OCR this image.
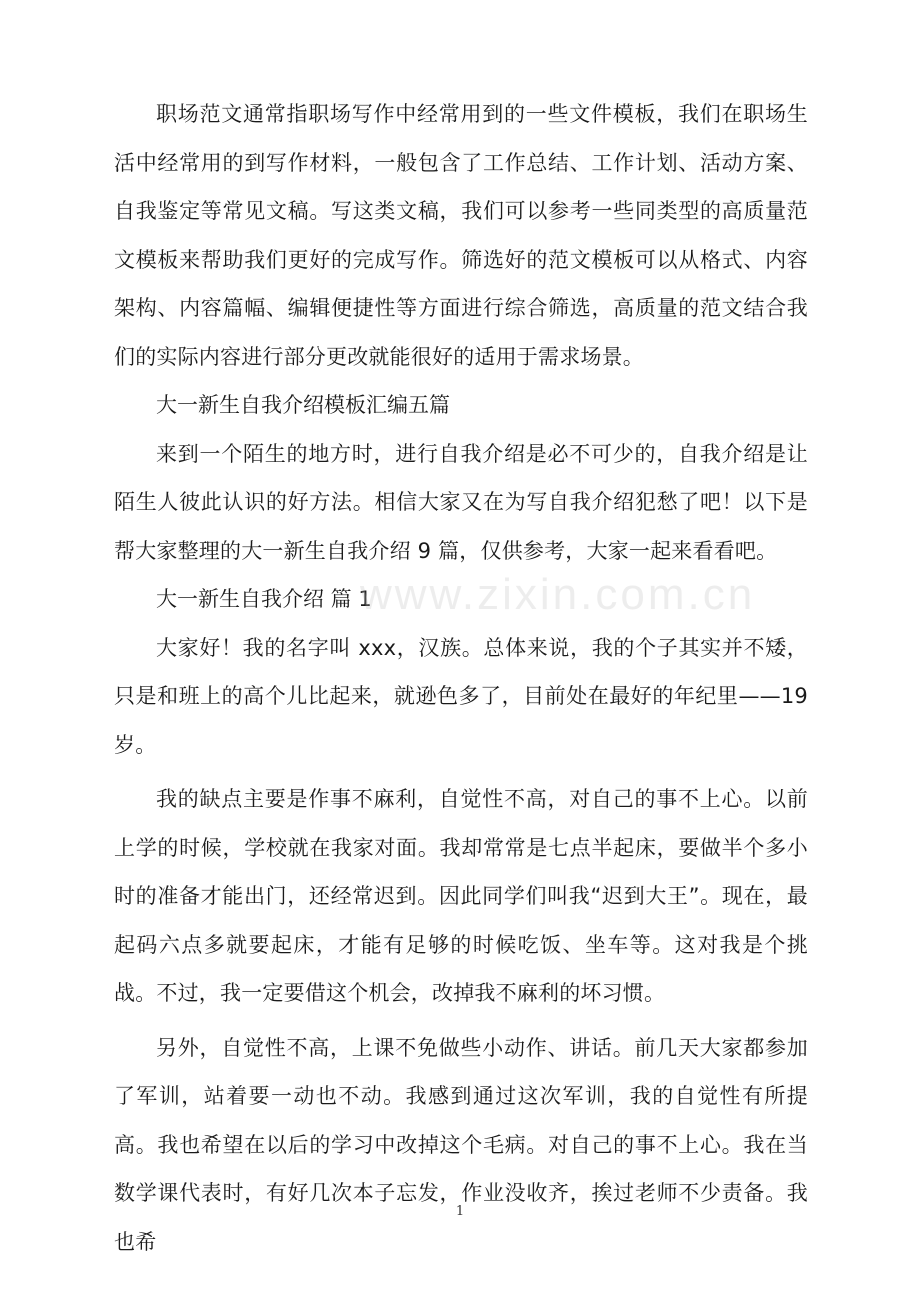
职场范文通常指职场写作中经常用到的一些文件模板，我们在职场生活中经常用的到写作材料，一般包含了工作总结、工作计划、活动方案、自我鉴定等常见文稿。写这类文稿，我们可以参考一些同类型的高质量范文模板来帮助我们更好的完成写作。筛选好的范文模板可以从格式、内容架构、内容篇幅、编辑便捷性等方面进行综合筛选，高质量的范文结合我们的实际内容进行部分更改就能很好的适用于需求场景。

大一新生自我介绍模板汇编五篇

来到一个陌生的地方时，进行自我介绍是必不可少的，自我介绍是让陌生人彼此认识的好方法。相信大家又在为写自我介绍犯愁了吧！以下是帮大家整理的大一新生自我介绍 9 篇，仅供参考，大家一起来看看吧。

大一新生自我介绍 篇 1

大家好！我的名字叫 xxx，汉族。总体来说，我的个子其实并不矮，只是和班上的高个儿比起来，就逊色多了，目前处在最好的年纪里——19 岁。

我的缺点主要是作事不麻利，自觉性不高，对自己的事不上心。以前上学的时候，学校就在我家对面。我却常常是七点半起床，要做半个多小时的准备才能出门，还经常迟到。因此同学们叫我“迟到大王”。现在，最起码六点多就要起床，才能有足够的时候吃饭、坐车等。这对我是个挑战。不过，我一定要借这个机会，改掉我不麻利的坏习惯。

另外，自觉性不高，上课不免做些小动作、讲话。前几天大家都参加了军训，站着要一动也不动。我感到通过这次军训，我的自觉性有所提高。我也希望在以后的学习中改掉这个毛病。对自己的事不上心。我在当数学课代表时，有好几次本子忘发，作业没收齐，挨过老师不少责备。我也希

www.zixin.com.cn
1
